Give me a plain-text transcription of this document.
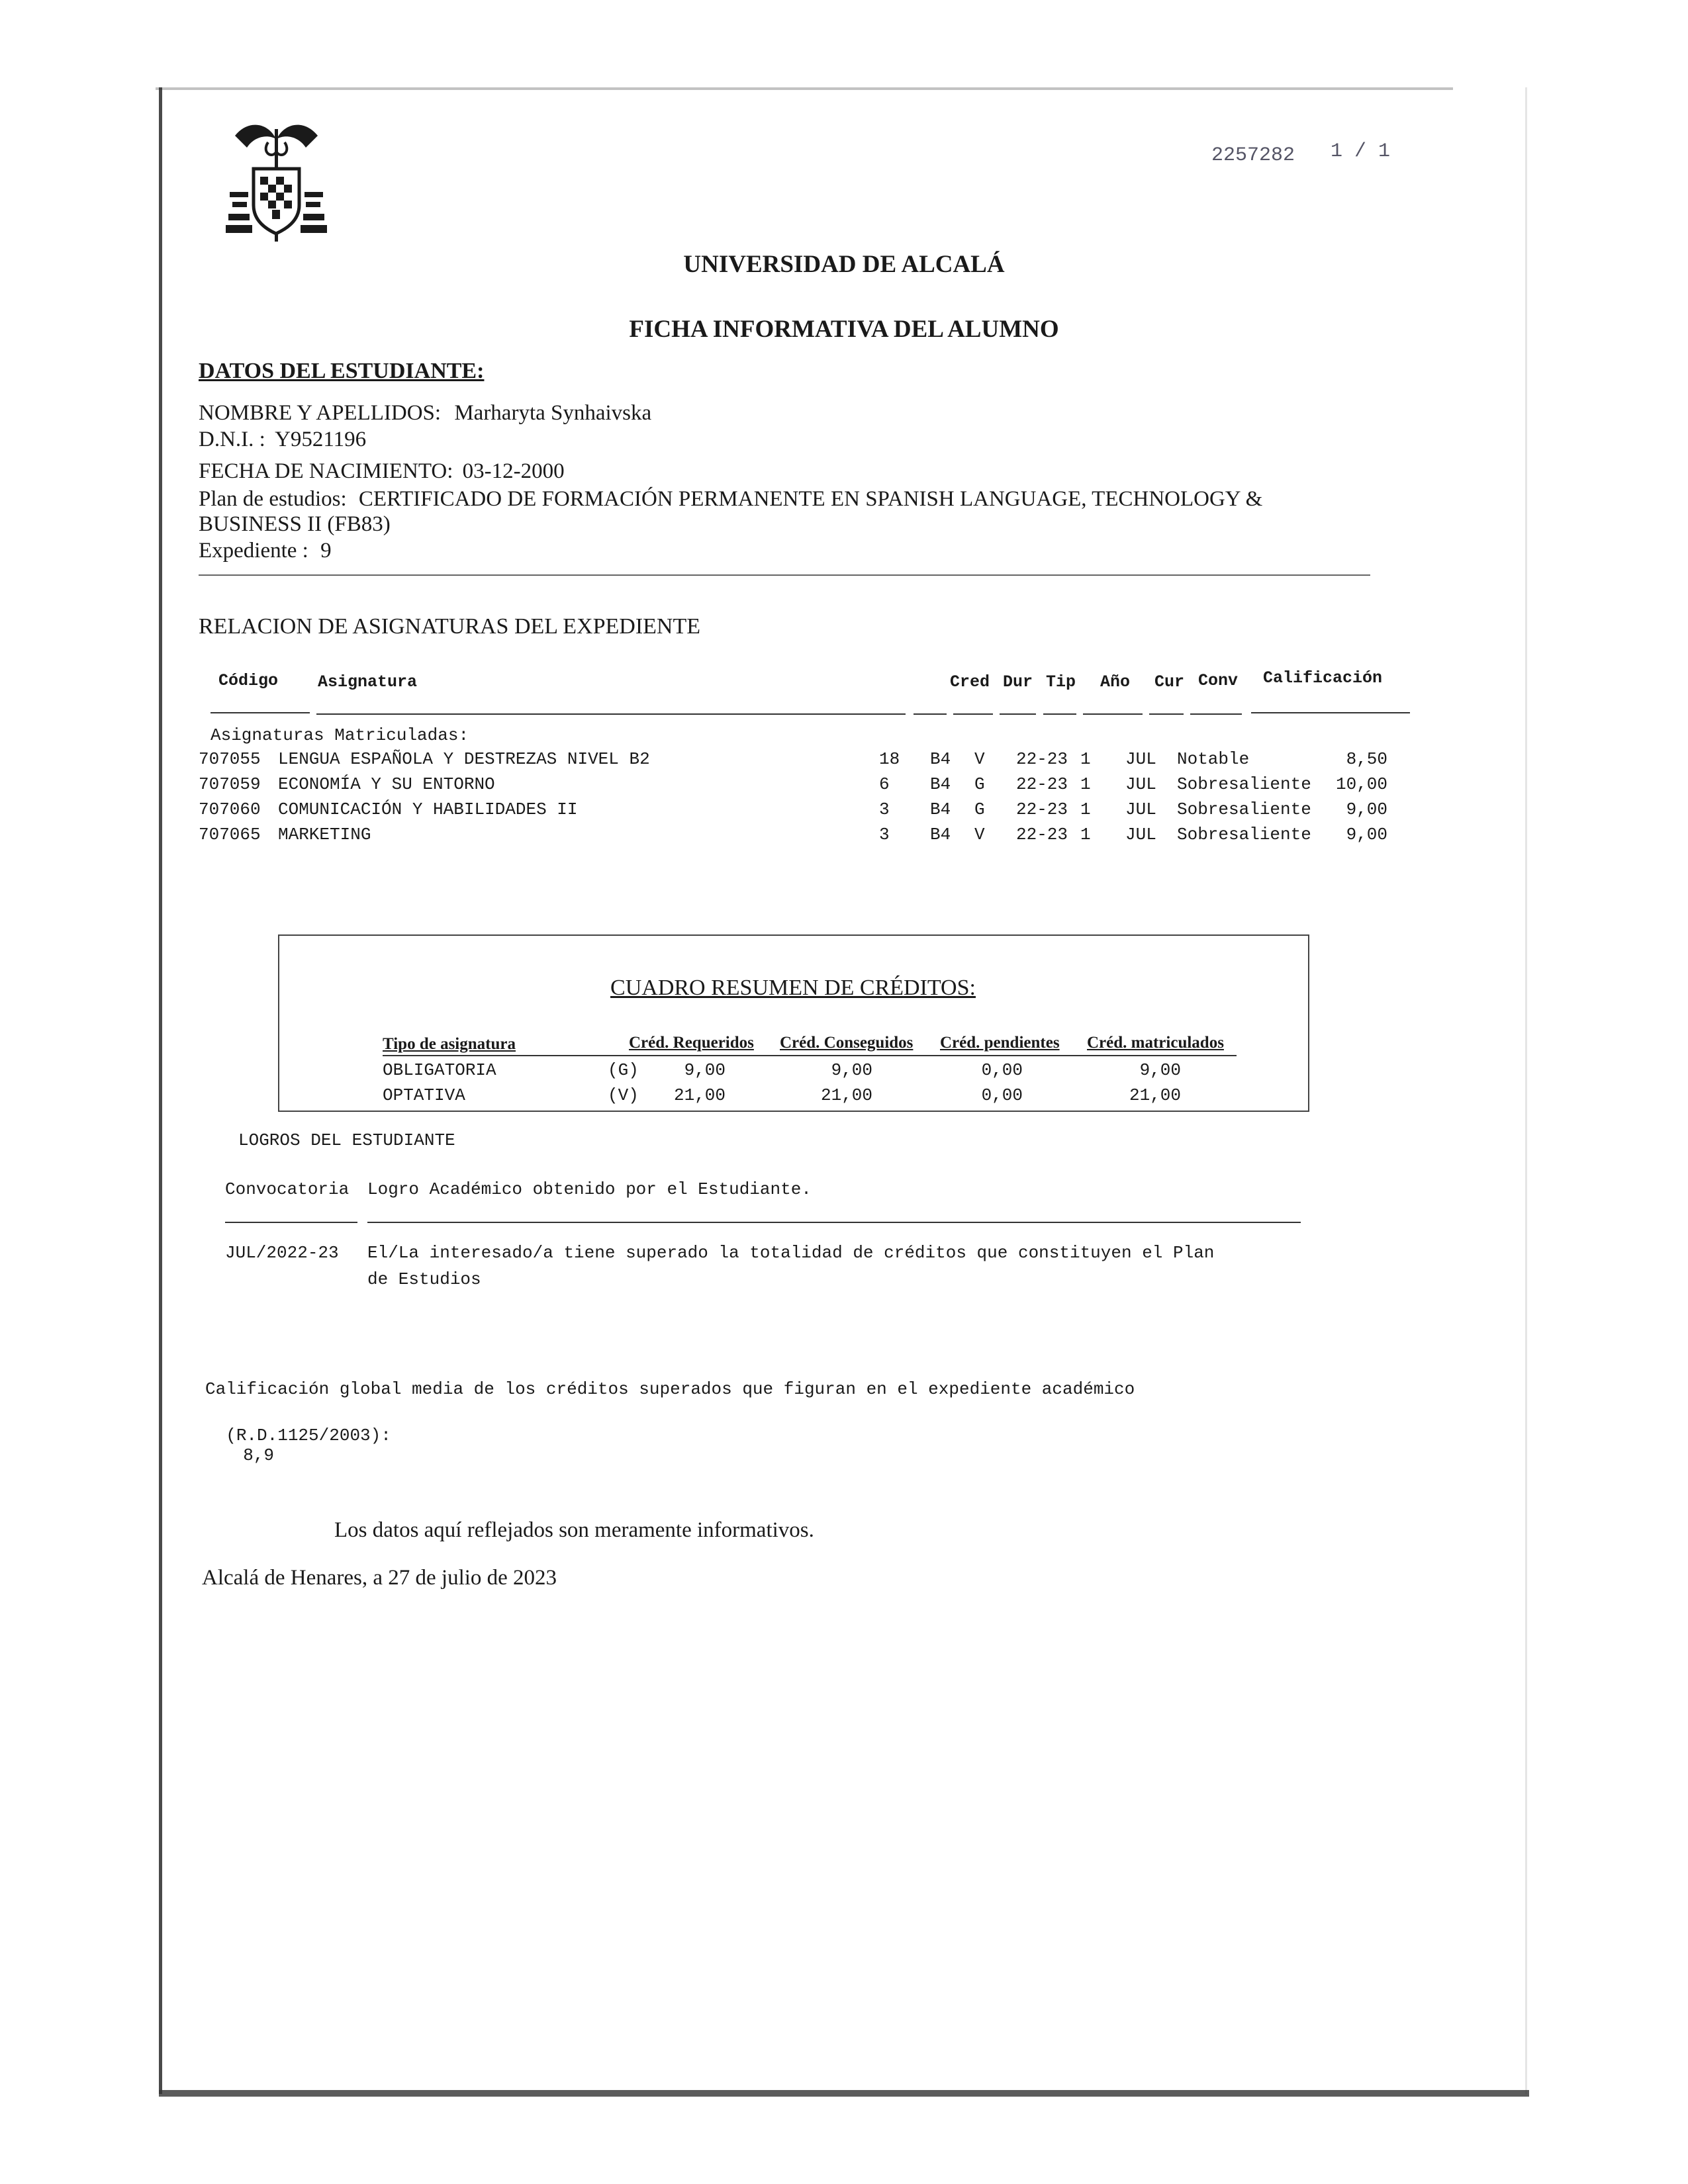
2257282 1 / 1
UNIVERSIDAD DE ALCALÁ
FICHA INFORMATIVA DEL ALUMNO
DATOS DEL ESTUDIANTE:
NOMBRE Y APELLIDOS: Marharyta Synhaivska
D.N.I. : Y9521196
FECHA DE NACIMIENTO: 03-12-2000
Plan de estudios: CERTIFICADO DE FORMACIÓN PERMANENTE EN SPANISH LANGUAGE, TECHNOLOGY &
BUSINESS II (FB83)
Expediente : 9
RELACION DE ASIGNATURAS DEL EXPEDIENTE
Código Asignatura	Cred Dur Tip Año Cur Conv Calificación
Asignaturas Matriculadas:
707055 LENGUA ESPAÑOLA Y DESTREZAS NIVEL B2	18 B4 V 22-23 1 JUL Notable	8,50
707059 ECONOMÍA Y SU ENTORNO	6 B4 G 22-23 1 JUL Sobresaliente	10,00
707060 COMUNICACIÓN Y HABILIDADES II	3 B4 G 22-23 1 JUL Sobresaliente	9,00
707065 MARKETING	3 B4 V 22-23 1 JUL Sobresaliente	9,00
CUADRO RESUMEN DE CRÉDITOS:
Tipo de asignatura	Créd. Requeridos Créd. Conseguidos Créd. pendientes Créd. matriculados
OBLIGATORIA	(G)	9,00	9,00	0,00	9,00
OPTATIVA	(V)	21,00	21,00	0,00	21,00
LOGROS DEL ESTUDIANTE
Convocatoria Logro Académico obtenido por el Estudiante.
JUL/2022-23 El/La interesado/a tiene superado la totalidad de créditos que constituyen el Plan
de Estudios
Calificación global media de los créditos superados que figuran en el expediente académico

(R.D.1125/2003):
8,9

Los datos aquí reflejados son meramente informativos.
Alcalá de Henares, a 27 de julio de 2023
